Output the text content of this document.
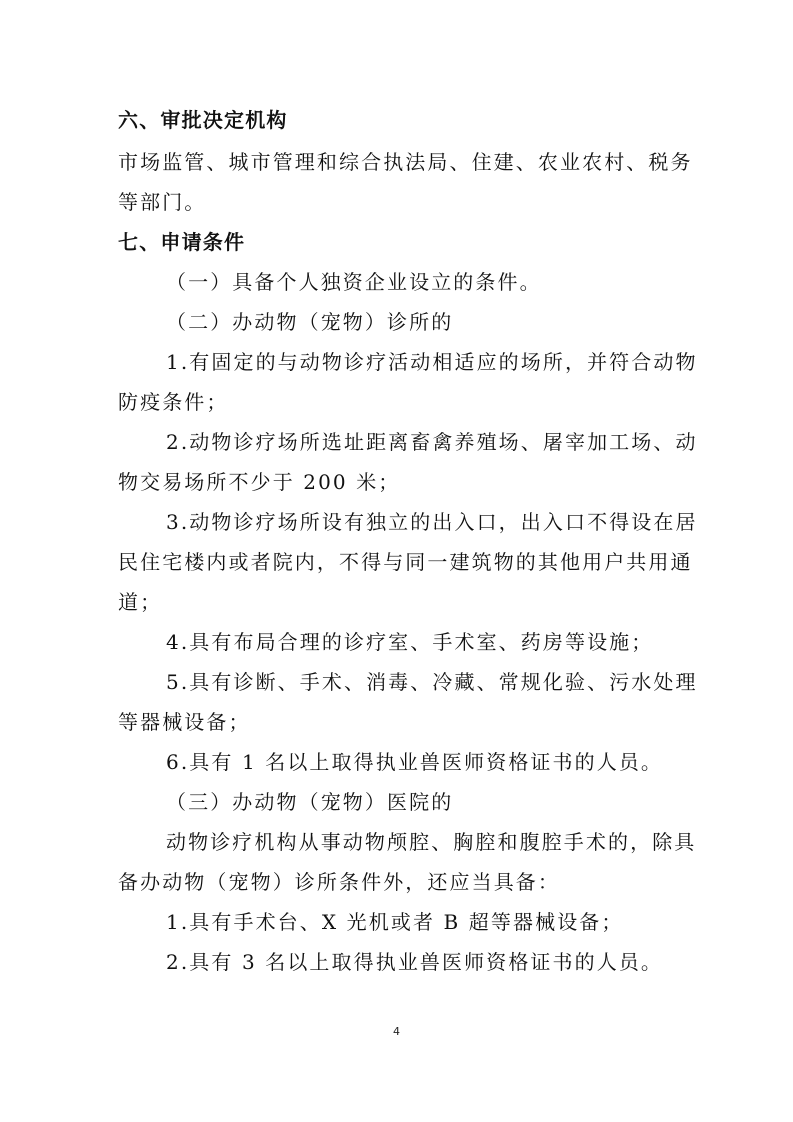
六、审批决定机构
市场监管、城市管理和综合执法局、住建、农业农村、税务
等部门。
七、申请条件
（一）具备个人独资企业设立的条件。
（二）办动物（宠物）诊所的
1.有固定的与动物诊疗活动相适应的场所，并符合动物
防疫条件；
2.动物诊疗场所选址距离畜禽养殖场、屠宰加工场、动
物交易场所不少于 200 米；
3.动物诊疗场所设有独立的出入口，出入口不得设在居
民住宅楼内或者院内，不得与同一建筑物的其他用户共用通
道；
4.具有布局合理的诊疗室、手术室、药房等设施；
5.具有诊断、手术、消毒、冷藏、常规化验、污水处理
等器械设备；
6.具有 1 名以上取得执业兽医师资格证书的人员。
（三）办动物（宠物）医院的
动物诊疗机构从事动物颅腔、胸腔和腹腔手术的，除具
备办动物（宠物）诊所条件外，还应当具备：
1.具有手术台、X 光机或者 B 超等器械设备；
2.具有 3 名以上取得执业兽医师资格证书的人员。
4
